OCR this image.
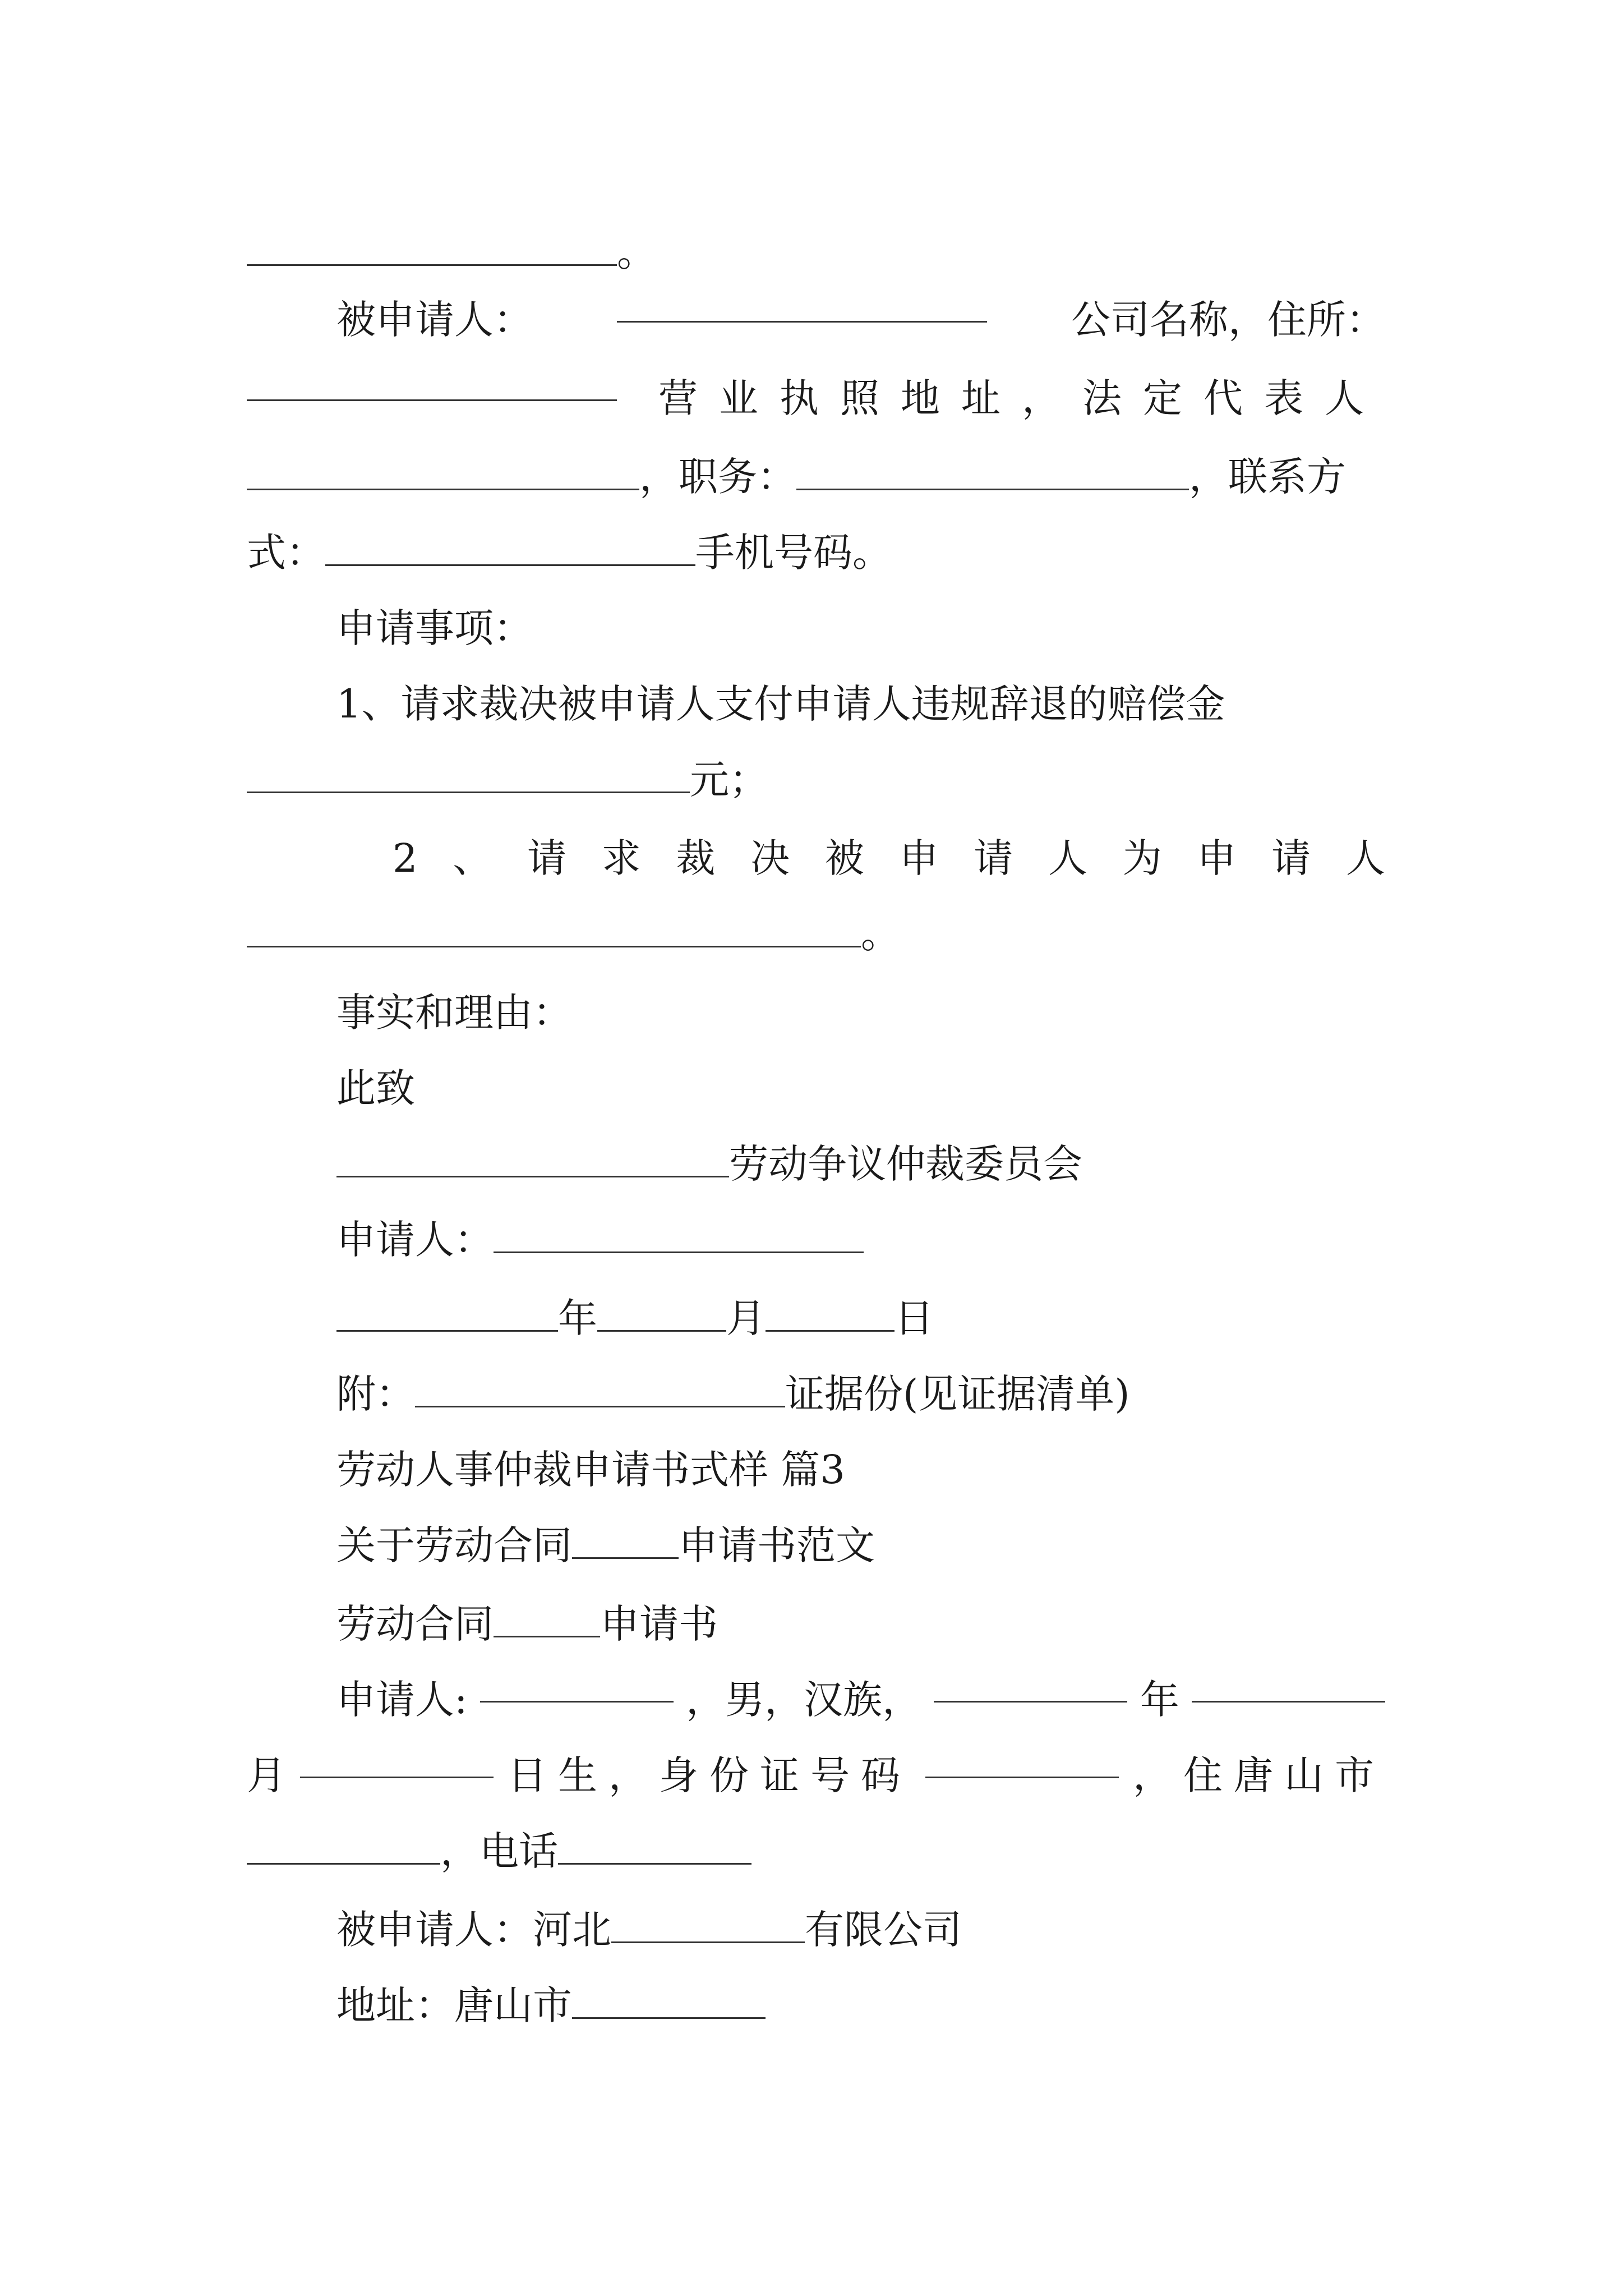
。
被申请人：	公司名称，住所：
营业执照地址，法定代表人
，职务：	，联系方
式：	手机号码。
申请事项：
1、请求裁决被申请人支付申请人违规辞退的赔偿金
元；
2 、 请 求 裁 决 被 申 请 人 为 申 请 人
。
事实和理由：
此致
劳动争议仲裁委员会
申请人：
年	月	日
附：	证据份(见证据清单)
劳动人事仲裁申请书式样 篇3
关于劳动合同	申请书范文
劳动合同	申请书
申请人:	，男，汉族，	年
月	日生，身份证号码	，住唐山市
，电话
被申请人：河北	有限公司
地址：唐山市
